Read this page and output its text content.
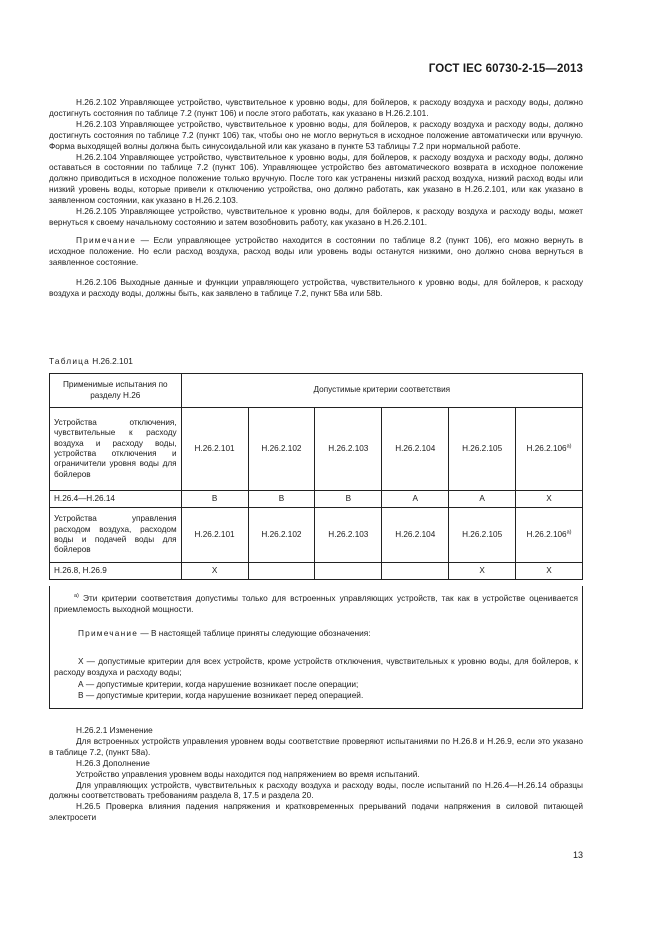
ГОСТ IEC 60730-2-15—2013

Н.26.2.102 Управляющее устройство, чувствительное к уровню воды, для бойлеров, к расходу воздуха и расходу воды, должно достигнуть состояния по таблице 7.2 (пункт 106) и после этого работать, как указано в Н.26.2.101.

Н.26.2.103 Управляющее устройство, чувствительное к уровню воды, для бойлеров, к расходу воздуха и расходу воды, должно достигнуть состояния по таблице 7.2 (пункт 106) так, чтобы оно не могло вернуться в исходное положение автоматически или вручную. Форма выходящей волны должна быть синусоидальной или как указано в пункте 53 таблицы 7.2 при нормальной работе.

Н.26.2.104 Управляющее устройство, чувствительное к уровню воды, для бойлеров, к расходу воздуха и расходу воды, должно оставаться в состоянии по таблице 7.2 (пункт 106). Управляющее устройство без автоматического возврата в исходное положение должно приводиться в исходное положение только вручную. После того как устранены низкий расход воздуха, низкий расход воды или низкий уровень воды, которые привели к отключению устройства, оно должно работать, как указано в Н.26.2.101, или как указано в заявленном состоянии, как указано в Н.26.2.103.

Н.26.2.105 Управляющее устройство, чувствительное к уровню воды, для бойлеров, к расходу воздуха и расходу воды, может вернуться к своему начальному состоянию и затем возобновить работу, как указано в Н.26.2.101.

Примечание — Если управляющее устройство находится в состоянии по таблице 8.2 (пункт 106), его можно вернуть в исходное положение. Но если расход воздуха, расход воды или уровень воды останутся низкими, оно должно снова вернуться в заявленное состояние.

Н.26.2.106 Выходные данные и функции управляющего устройства, чувствительного к уровню воды, для бойлеров, к расходу воздуха и расходу воды, должны быть, как заявлено в таблице 7.2, пункт 58а или 58b.

Таблица Н.26.2.101
Применимые испытания по разделу Н.26	Допустимые критерии соответствия					
Устройства отключения, чувствительные к расходу воздуха и расходу воды, устройства отключения и ограничители уровня воды для бойлеров	Н.26.2.101	Н.26.2.102	Н.26.2.103	Н.26.2.104	Н.26.2.105	$Н.26.2.106^{а)}$
Н.26.4—Н.26.14	B	B	B	A	A	X
Устройства управления расходом воздуха, расходом воды и подачей воды для бойлеров	Н.26.2.101	Н.26.2.102	Н.26.2.103	Н.26.2.104	Н.26.2.105	$Н.26.2.106^{а)}$
Н.26.8, Н.26.9	X				X	X
$^{а)}$ Эти критерии соответствия допустимы только для встроенных управляющих устройств, так как в устройстве оценивается приемлемость выходной мощности.
Примечание — В настоящей таблице приняты следующие обозначения:
X — допустимые критерии для всех устройств, кроме устройств отключения, чувствительных к уровню воды, для бойлеров, к расходу воздуха и расходу воды;
А — допустимые критерии, когда нарушение возникает после операции;
В — допустимые критерии, когда нарушение возникает перед операцией.

Н.26.2.1 Изменение

Для встроенных устройств управления уровнем воды соответствие проверяют испытаниями по Н.26.8 и Н.26.9, если это указано в таблице 7.2, (пункт 58а).

Н.26.3 Дополнение

Устройство управления уровнем воды находится под напряжением во время испытаний.

Для управляющих устройств, чувствительных к расходу воздуха и расходу воды, после испытаний по Н.26.4—Н.26.14 образцы должны соответствовать требованиям раздела 8, 17.5 и раздела 20.

Н.26.5 Проверка влияния падения напряжения и кратковременных прерываний подачи напряжения в силовой питающей электросети

13
